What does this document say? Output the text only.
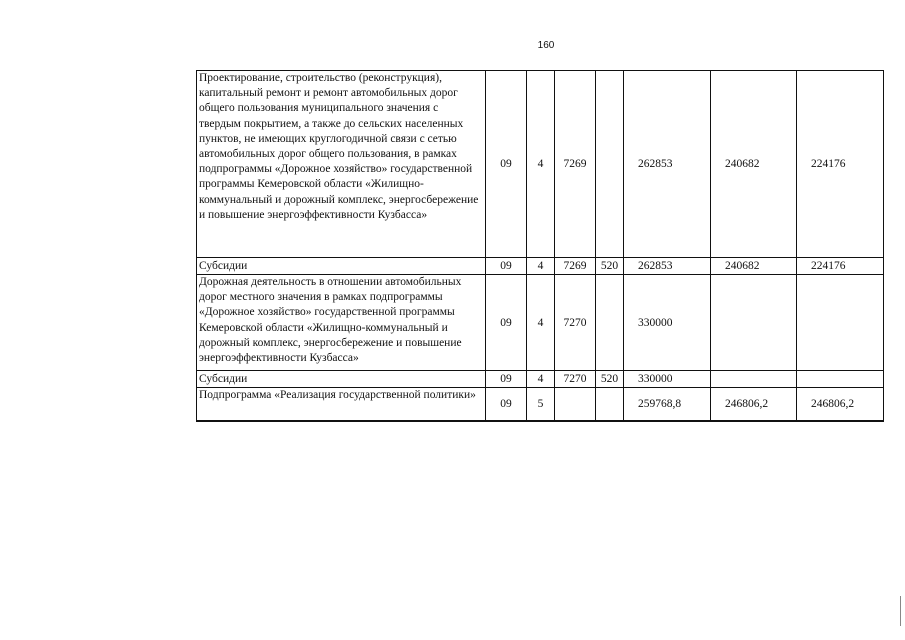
160
Проектирование, строительство (реконструкция), капитальный ремонт и ремонт автомобильных дорог общего пользования муниципального значения с твердым покрытием, а также до сельских населенных пунктов, не имеющих круглогодичной связи с сетью автомобильных дорог общего пользования, в рамках подпрограммы «Дорожное хозяйство» государственной программы Кемеровской области «Жилищно-коммунальный и дорожный комплекс, энергосбережение и повышение энергоэффективности Кузбасса»	09	4	7269		262853	240682	224176
Субсидии	09	4	7269	520	262853	240682	224176
Дорожная деятельность в отношении автомобильных дорог местного значения в рамках подпрограммы «Дорожное хозяйство» государственной программы Кемеровской области «Жилищно-коммунальный и дорожный комплекс, энергосбережение и повышение энергоэффективности Кузбасса»	09	4	7270		330000		
Субсидии	09	4	7270	520	330000		
Подпрограмма «Реализация государственной политики»	09	5			259768,8	246806,2	246806,2
